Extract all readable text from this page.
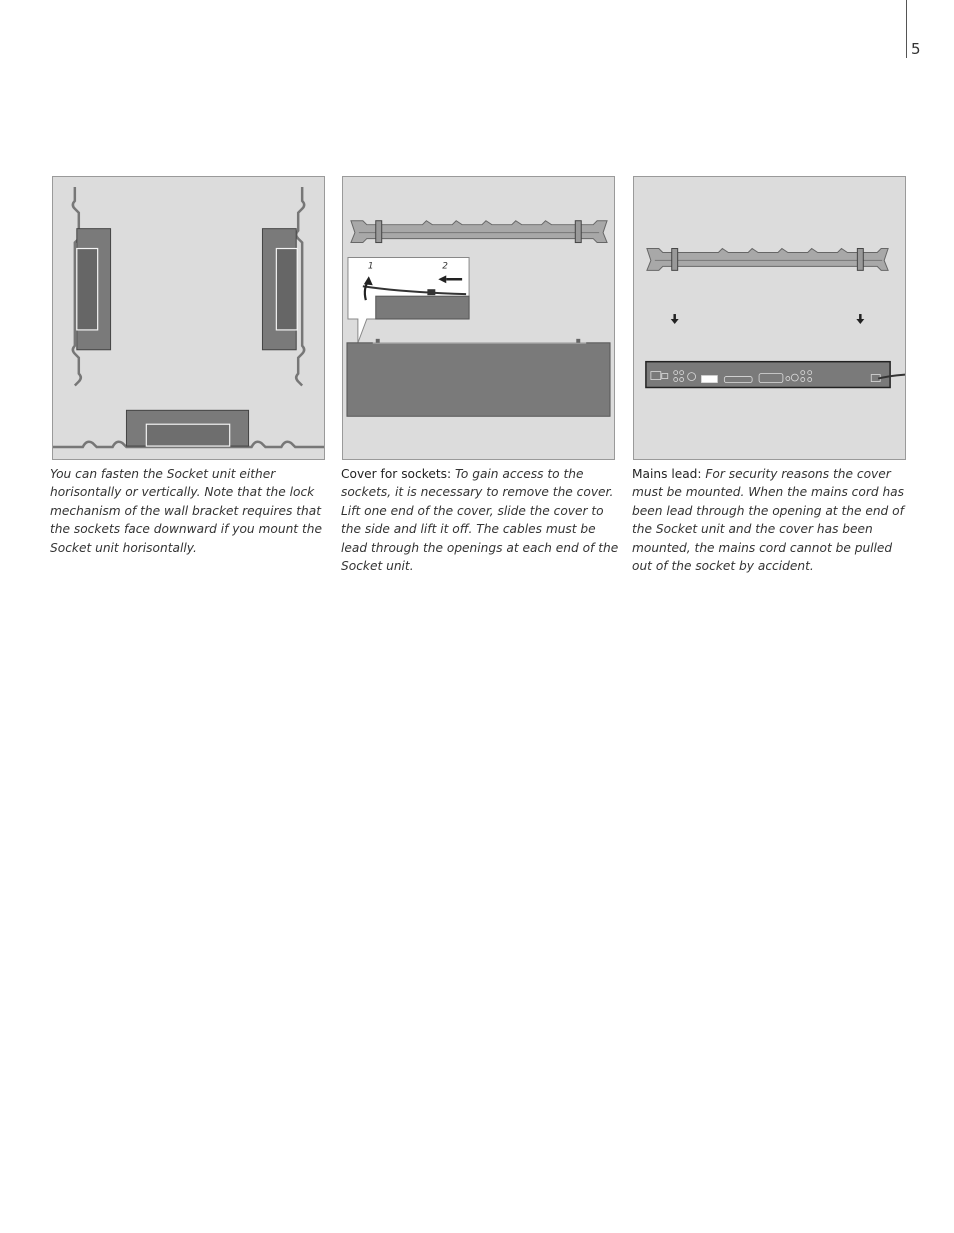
5
You can fasten the Socket unit either horisontally or vertically. Note that the lock mechanism of the wall bracket requires that the sockets face downward if you mount the Socket unit horisontally.
1	2
Cover for sockets: To gain access to the sockets, it is necessary to remove the cover. Lift one end of the cover, slide the cover to the side and lift it off. The cables must be lead through the openings at each end of the Socket unit.
Mains lead: For security reasons the cover must be mounted. When the mains cord has been lead through the opening at the end of the Socket unit and the cover has been mounted, the mains cord cannot be pulled out of the socket by accident.
